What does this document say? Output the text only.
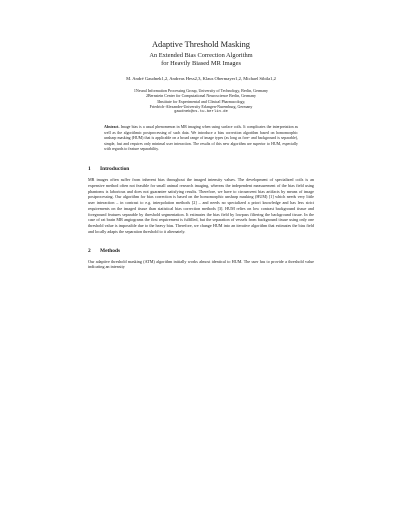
Adaptive Threshold Masking
An Extended Bias Correction Algorithm
for Heavily Biased MR Images
M. André Gaudnek1,2, Andreas Hess2,3, Klaus Obermayer1,2, Michael Sibila1,2
1Neural Information Processing Group, University of Technology, Berlin, Germany
2Bernstein Center for Computational Neuroscience Berlin, Germany
3Institute for Experimental and Clinical Pharmacology,
Friedrich-Alexander-University Erlangen-Nuremburg, Germany
gaudnek@cs.tu-berlin.de
Abstract. Image bias is a usual phenomenon in MR imaging when using surface coils. It complicates the interpretation as well as the algorithmic postprocessing of such data. We introduce a bias correction algorithm based on homomorphic unsharp masking (HUM) that is applicable on a broad range of image types (as long as fore- and background is separable), simple, fast and requires only minimal user interaction. The results of this new algorithm are superior to HUM, especially with regards to feature separability.
1 Introduction

MR images often suffer from inherent bias throughout the imaged intensity values. The development of specialized coils is an expensive method often not feasible for small animal research imaging, whereas the independent measurement of the bias field using phantoms is laborious and does not guarantee satisfying results. Therefore, we have to circumvent bias artifacts by means of image postprocessing. Our algorithm for bias correction is based on the homomorphic unsharp masking (HUM) [1] which needs very little user interaction – in contrast to e.g. interpolation methods [2] – and needs no specialized a priori knowledge and has less strict requirements on the imaged tissue than statistical bias correction methods [3]. HUM relies on low contrast background tissue and foreground features separable by threshold segmentation. It estimates the bias field by lowpass filtering the background tissue. In the case of rat brain MR angiograms the first requirement is fulfilled, but the separation of vessels from background tissue using only one threshold value is impossible due to the heavy bias. Therefore, we change HUM into an iterative algorithm that estimates the bias field and locally adapts the separation threshold to it alternately.

2 Methods

Our adaptive threshold masking (ATM) algorithm initially works almost identical to HUM. The user has to provide a threshold value indicating an intensity
